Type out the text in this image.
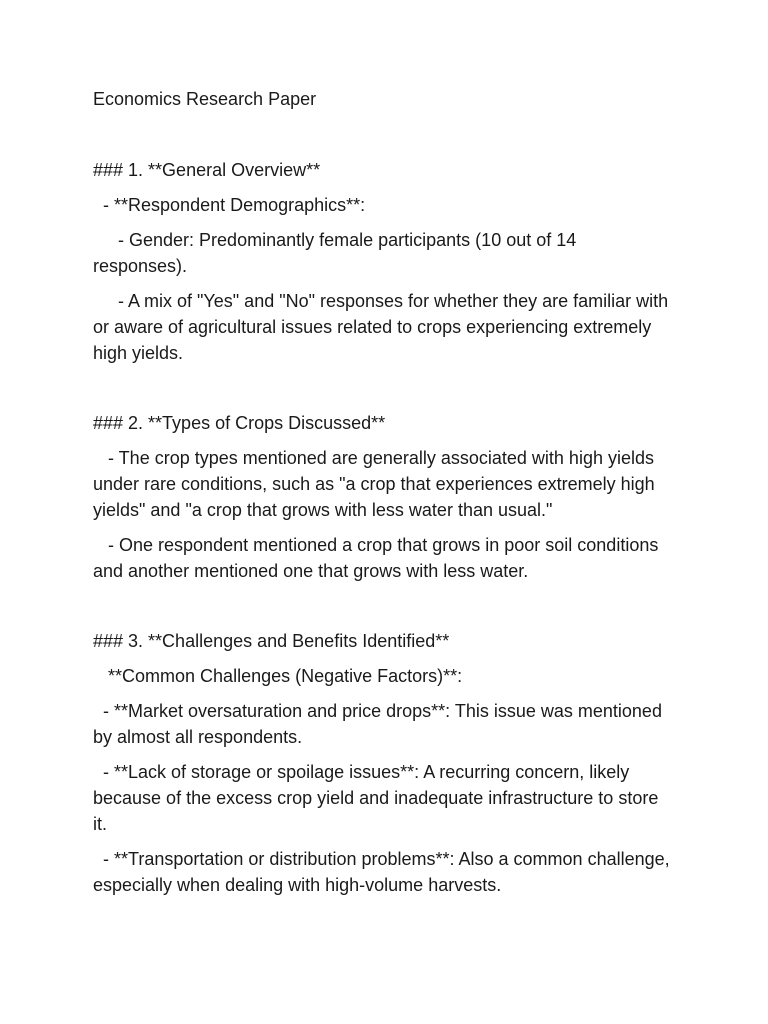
Economics Research Paper

### 1. **General Overview**

- **Respondent Demographics**:

- Gender: Predominantly female participants (10 out of 14 responses).

- A mix of "Yes" and "No" responses for whether they are familiar with or aware of agricultural issues related to crops experiencing extremely high yields.

### 2. **Types of Crops Discussed**

- The crop types mentioned are generally associated with high yields under rare conditions, such as "a crop that experiences extremely high yields" and "a crop that grows with less water than usual."

- One respondent mentioned a crop that grows in poor soil conditions and another mentioned one that grows with less water.

### 3. **Challenges and Benefits Identified**

**Common Challenges (Negative Factors)**:

- **Market oversaturation and price drops**: This issue was mentioned by almost all respondents.

- **Lack of storage or spoilage issues**: A recurring concern, likely because of the excess crop yield and inadequate infrastructure to store it.

- **Transportation or distribution problems**: Also a common challenge, especially when dealing with high-volume harvests.
